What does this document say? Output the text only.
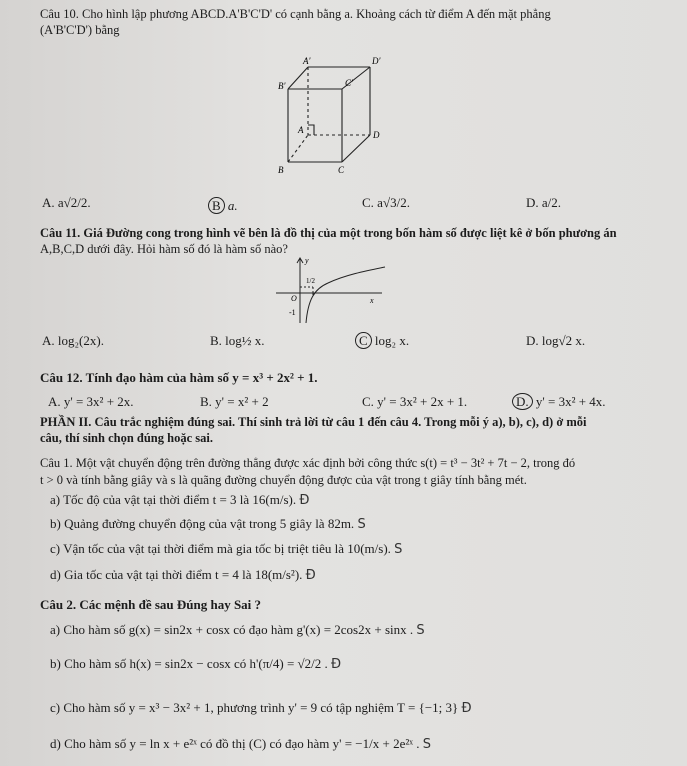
Câu 10. Cho hình lập phương ABCD.A'B'C'D' có cạnh bằng a. Khoảng cách từ điểm A đến mặt phẳng
(A'B'C'D') bằng
A'	D'
B'	C'
A	D
B	C
A. a√2/2.	B a.	C. a√3/2.	D. a/2.
Câu 11. Giá Đường cong trong hình vẽ bên là đồ thị của một trong bốn hàm số được liệt kê ở bốn phương án
A,B,C,D dưới đây. Hỏi hàm số đó là hàm số nào?
y
1/2
O	x
-1
A. log₂(2x).	B. log½ x.	C log₂ x.	D. log√2 x.
Câu 12. Tính đạo hàm của hàm số y = x³ + 2x² + 1.
A. y' = 3x² + 2x.	B. y' = x² + 2	C. y' = 3x² + 2x + 1.	D. y' = 3x² + 4x.
PHẦN II. Câu trắc nghiệm đúng sai. Thí sinh trả lời từ câu 1 đến câu 4. Trong mỗi ý a), b), c), d) ở mỗi
câu, thí sinh chọn đúng hoặc sai.
Câu 1. Một vật chuyển động trên đường thẳng được xác định bởi công thức s(t) = t³ − 3t² + 7t − 2, trong đó
t > 0 và tính bằng giây và s là quãng đường chuyển động được của vật trong t giây tính bằng mét.
a) Tốc độ của vật tại thời điểm t = 3 là 16(m/s). Đ
b) Quảng đường chuyển động của vật trong 5 giây là 82m. S
c) Vận tốc của vật tại thời điểm mà gia tốc bị triệt tiêu là 10(m/s). S
d) Gia tốc của vật tại thời điểm t = 4 là 18(m/s²). Đ
Câu 2. Các mệnh đề sau Đúng hay Sai ?
a) Cho hàm số g(x) = sin2x + cosx có đạo hàm g'(x) = 2cos2x + sinx . S
b) Cho hàm số h(x) = sin2x − cosx có h'(π/4) = √2/2 . Đ
c) Cho hàm số y = x³ − 3x² + 1, phương trình y' = 9 có tập nghiệm T = {−1; 3} Đ
d) Cho hàm số y = ln x + e²ˣ có đồ thị (C) có đạo hàm y' = −1/x + 2e²ˣ . S
